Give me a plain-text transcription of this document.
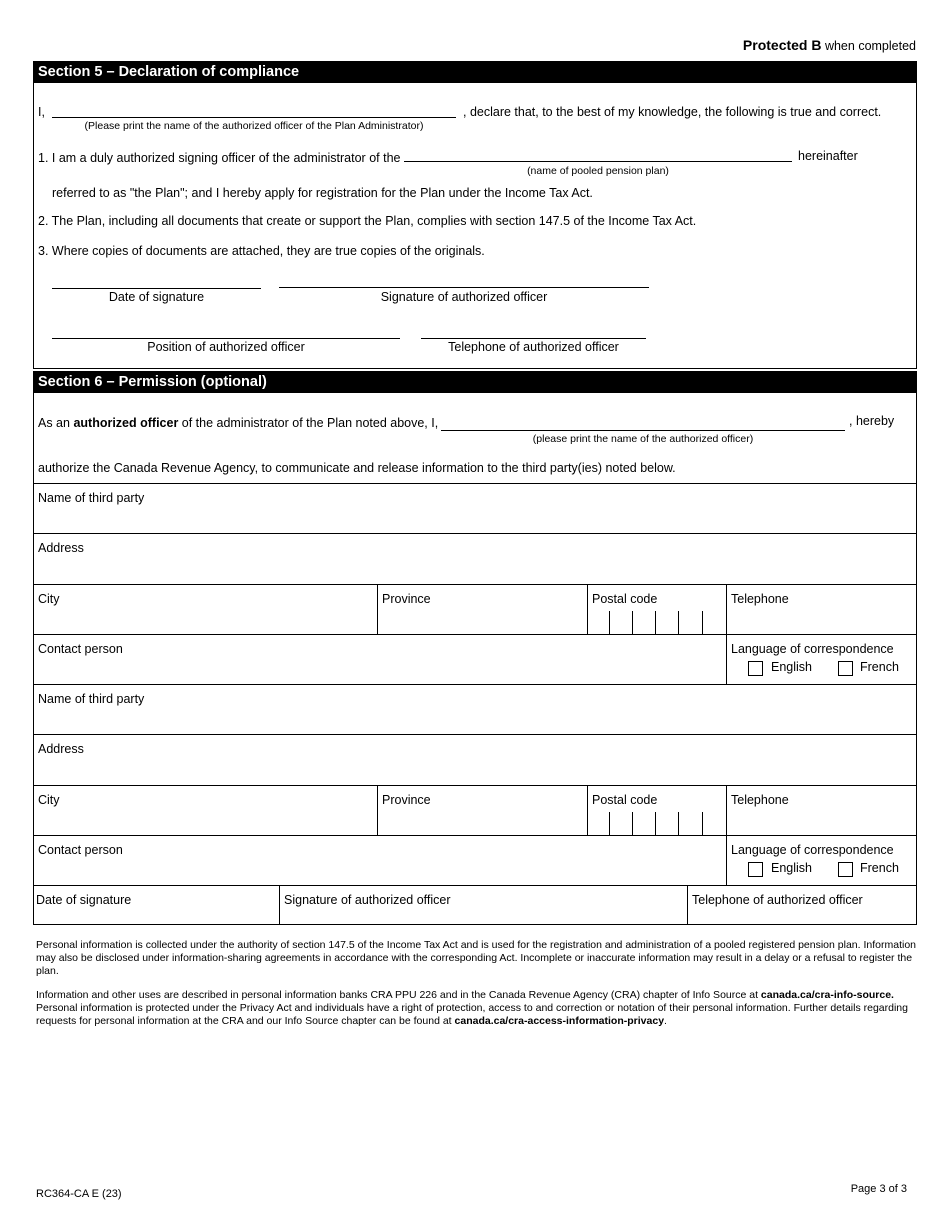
Protected B when completed
Section 5 – Declaration of compliance
I,	, declare that, to the best of my knowledge, the following is true and correct.
(Please print the name of the authorized officer of the Plan Administrator)
1. I am a duly authorized signing officer of the administrator of the	hereinafter
(name of pooled pension plan)
referred to as "the Plan"; and I hereby apply for registration for the Plan under the Income Tax Act.
2. The Plan, including all documents that create or support the Plan, complies with section 147.5 of the Income Tax Act.
3. Where copies of documents are attached, they are true copies of the originals.
Date of signature	Signature of authorized officer
Position of authorized officer	Telephone of authorized officer
Section 6 – Permission (optional)
As an authorized officer of the administrator of the Plan noted above, I,	, hereby
(please print the name of the authorized officer)
authorize the Canada Revenue Agency, to communicate and release information to the third party(ies) noted below.
Name of third party
Address
City	Province	Postal code	Telephone
Contact person	Language of correspondence
English	French
Name of third party
Address
City	Province	Postal code	Telephone
Contact person	Language of correspondence
English	French
Date of signature	Signature of authorized officer	Telephone of authorized officer
Personal information is collected under the authority of section 147.5 of the Income Tax Act and is used for the registration and administration of a pooled registered pension plan. Information may also be disclosed under information-sharing agreements in accordance with the corresponding Act. Incomplete or inaccurate information may result in a delay or a refusal to register the plan.
Information and other uses are described in personal information banks CRA PPU 226 and in the Canada Revenue Agency (CRA) chapter of Info Source at canada.ca/cra-info-source. Personal information is protected under the Privacy Act and individuals have a right of protection, access to and correction or notation of their personal information. Further details regarding requests for personal information at the CRA and our Info Source chapter can be found at canada.ca/cra-access-information-privacy.
RC364-CA E (23)	Page 3 of 3
